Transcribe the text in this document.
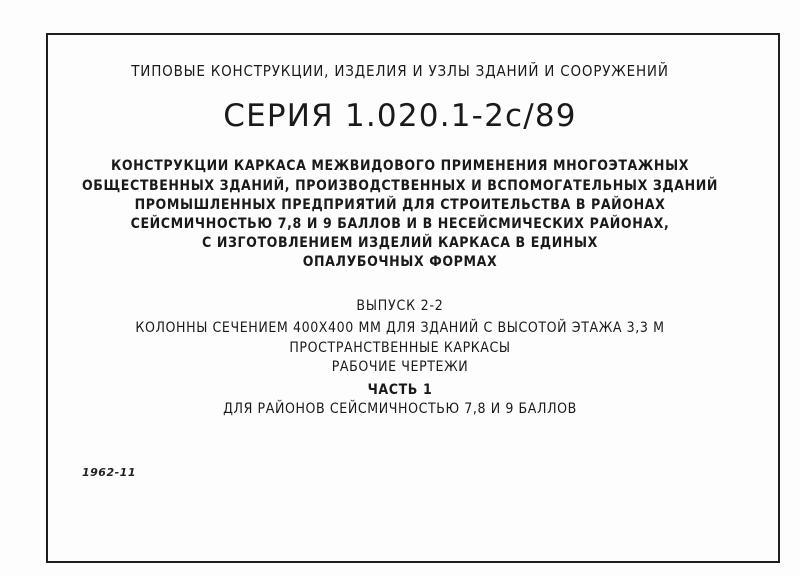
ТИПОВЫЕ КОНСТРУКЦИИ, ИЗДЕЛИЯ И УЗЛЫ ЗДАНИЙ И СООРУЖЕНИЙ
СЕРИЯ 1.020.1-2с/89
КОНСТРУКЦИИ КАРКАСА МЕЖВИДОВОГО ПРИМЕНЕНИЯ МНОГОЭТАЖНЫХ
ОБЩЕСТВЕННЫХ ЗДАНИЙ, ПРОИЗВОДСТВЕННЫХ И ВСПОМОГАТЕЛЬНЫХ ЗДАНИЙ
ПРОМЫШЛЕННЫХ ПРЕДПРИЯТИЙ ДЛЯ СТРОИТЕЛЬСТВА В РАЙОНАХ
СЕЙСМИЧНОСТЬЮ 7,8 И 9 БАЛЛОВ И В НЕСЕЙСМИЧЕСКИХ РАЙОНАХ,
С ИЗГОТОВЛЕНИЕМ ИЗДЕЛИЙ КАРКАСА В ЕДИНЫХ
ОПАЛУБОЧНЫХ ФОРМАХ
ВЫПУСК 2-2
КОЛОННЫ СЕЧЕНИЕМ 400Х400 ММ ДЛЯ ЗДАНИЙ С ВЫСОТОЙ ЭТАЖА 3,3 М
ПРОСТРАНСТВЕННЫЕ КАРКАСЫ
РАБОЧИЕ ЧЕРТЕЖИ
ЧАСТЬ 1
ДЛЯ РАЙОНОВ СЕЙСМИЧНОСТЬЮ 7,8 И 9 БАЛЛОВ
1962-11
